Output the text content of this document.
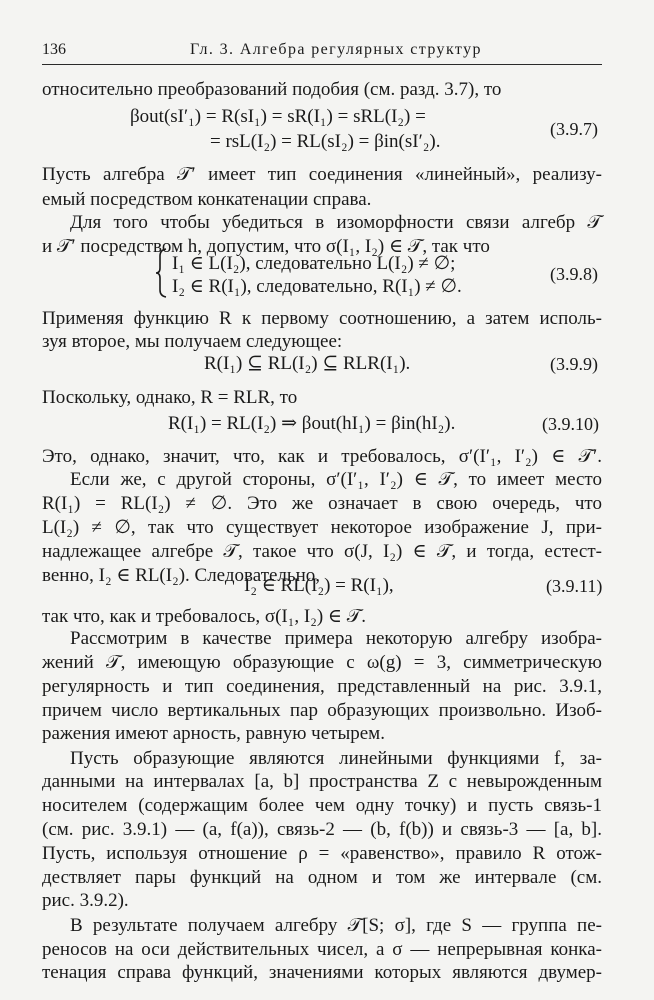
136	Гл. 3. Алгебра регулярных структур
относительно преобразований подобия (см. разд. 3.7), то
βout(sI′₁) = R(sI₁) = sR(I₁) = sRL(I₂) =
= rsL(I₂) = RL(sI₂) = βin(sI′₂).
(3.9.7)
Пусть алгебра 𝒯′ имеет тип соединения «линейный», реализу-
емый посредством конкатенации справа.
Для того чтобы убедиться в изоморфности связи алгебр 𝒯
и 𝒯′ посредством h, допустим, что σ(I₁, I₂) ∈ 𝒯, так что
I₁ ∈ L(I₂), следовательно L(I₂) ≠ ∅;
I₂ ∈ R(I₁), следовательно, R(I₁) ≠ ∅.
(3.9.8)
Применяя функцию R к первому соотношению, а затем исполь-
зуя второе, мы получаем следующее:
R(I₁) ⊆ RL(I₂) ⊆ RLR(I₁).	(3.9.9)
Поскольку, однако, R = RLR, то
R(I₁) = RL(I₂) ⇒ βout(hI₁) = βin(hI₂).	(3.9.10)
Это, однако, значит, что, как и требовалось, σ′(I′₁, I′₂) ∈ 𝒯′.
Если же, с другой стороны, σ′(I′₁, I′₂) ∈ 𝒯, то имеет место
R(I₁) = RL(I₂) ≠ ∅. Это же означает в свою очередь, что
L(I₂) ≠ ∅, так что существует некоторое изображение J, при-
надлежащее алгебре 𝒯, такое что σ(J, I₂) ∈ 𝒯, и тогда, естест-
венно, I₂ ∈ RL(I₂). Следовательно,
I₂ ∈ RL(I₂) = R(I₁),	(3.9.11)
так что, как и требовалось, σ(I₁, I₂) ∈ 𝒯.
Рассмотрим в качестве примера некоторую алгебру изобра-
жений 𝒯, имеющую образующие с ω(g) = 3, симметрическую
регулярность и тип соединения, представленный на рис. 3.9.1,
причем число вертикальных пар образующих произвольно. Изоб-
ражения имеют арность, равную четырем.
Пусть образующие являются линейными функциями f, за-
данными на интервалах [a, b] пространства Z с невырожденным
носителем (содержащим более чем одну точку) и пусть связь-1
(см. рис. 3.9.1) — (a, f(a)), связь-2 — (b, f(b)) и связь-3 — [a, b].
Пусть, используя отношение ρ = «равенство», правило R отож-
дествляет пары функций на одном и том же интервале (см.
рис. 3.9.2).
В результате получаем алгебру 𝒯[S; σ], где S — группа пе-
реносов на оси действительных чисел, а σ — непрерывная конка-
тенация справа функций, значениями которых являются двумер-
